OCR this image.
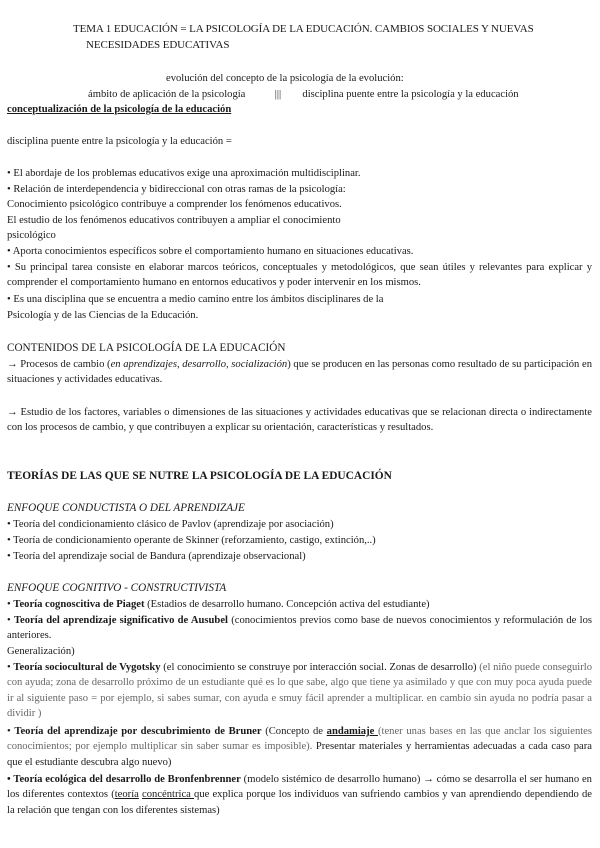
TEMA 1 EDUCACIÓN = LA PSICOLOGÍA DE LA EDUCACIÓN. CAMBIOS SOCIALES Y NUEVAS
NECESIDADES EDUCATIVAS
evolución del concepto de la psicología de la evolución:
ámbito de aplicación de la psicología	||| disciplina puente entre la psicología y la educación
conceptualización de la psicología de la educación
disciplina puente entre la psicología y la educación =
• El abordaje de los problemas educativos exige una aproximación multidisciplinar.
• Relación de interdependencia y bidireccional con otras ramas de la psicología:
Conocimiento psicológico contribuye a comprender los fenómenos educativos.
El estudio de los fenómenos educativos contribuyen a ampliar el conocimiento
psicológico
• Aporta conocimientos específicos sobre el comportamiento humano en situaciones educativas.
• Su principal tarea consiste en elaborar marcos teóricos, conceptuales y metodológicos, que sean útiles y relevantes para explicar y comprender el comportamiento humano en entornos educativos y poder intervenir en los mismos.
• Es una disciplina que se encuentra a medio camino entre los ámbitos disciplinares de la
Psicología y de las Ciencias de la Educación.
CONTENIDOS DE LA PSICOLOGÍA DE LA EDUCACIÓN
→ Procesos de cambio (en aprendizajes, desarrollo, socialización) que se producen en las personas como resultado de su participación en situaciones y actividades educativas.
→ Estudio de los factores, variables o dimensiones de las situaciones y actividades educativas que se relacionan directa o indirectamente con los procesos de cambio, y que contribuyen a explicar su orientación, características y resultados.
TEORÍAS DE LAS QUE SE NUTRE LA PSICOLOGÍA DE LA EDUCACIÓN
ENFOQUE CONDUCTISTA O DEL APRENDIZAJE
• Teoría del condicionamiento clásico de Pavlov (aprendizaje por asociación)
• Teoría de condicionamiento operante de Skinner (reforzamiento, castigo, extinción,..)
• Teoría del aprendizaje social de Bandura (aprendizaje observacional)
ENFOQUE COGNITIVO - CONSTRUCTIVISTA
• Teoría cognoscitiva de Piaget (Estadios de desarrollo humano. Concepción activa del estudiante)
• Teoría del aprendizaje significativo de Ausubel (conocimientos previos como base de nuevos conocimientos y reformulación de los anteriores.
Generalización)
• Teoría sociocultural de Vygotsky (el conocimiento se construye por interacción social. Zonas de desarrollo) (el niño puede conseguirlo con ayuda; zona de desarrollo próximo de un estudiante qué es lo que sabe, algo que tiene ya asimilado y que con muy poca ayuda puede ir al siguiente paso = por ejemplo, si sabes sumar, con ayuda e smuy fácil aprender a multiplicar. en cambio sin ayuda no podría pasar a dividir )
• Teoría del aprendizaje por descubrimiento de Bruner (Concepto de andamiaje (tener unas bases en las que anclar los siguientes conocimientos; por ejemplo multiplicar sin saber sumar es imposible). Presentar materiales y herramientas adecuadas a cada caso para que el estudiante descubra algo nuevo)
• Teoría ecológica del desarrollo de Bronfenbrenner (modelo sistémico de desarrollo humano) → cómo se desarrolla el ser humano en los diferentes contextos (teoría concéntrica que explica porque los individuos van sufriendo cambios y van aprendiendo dependiendo de la relación que tengan con los diferentes sistemas)
